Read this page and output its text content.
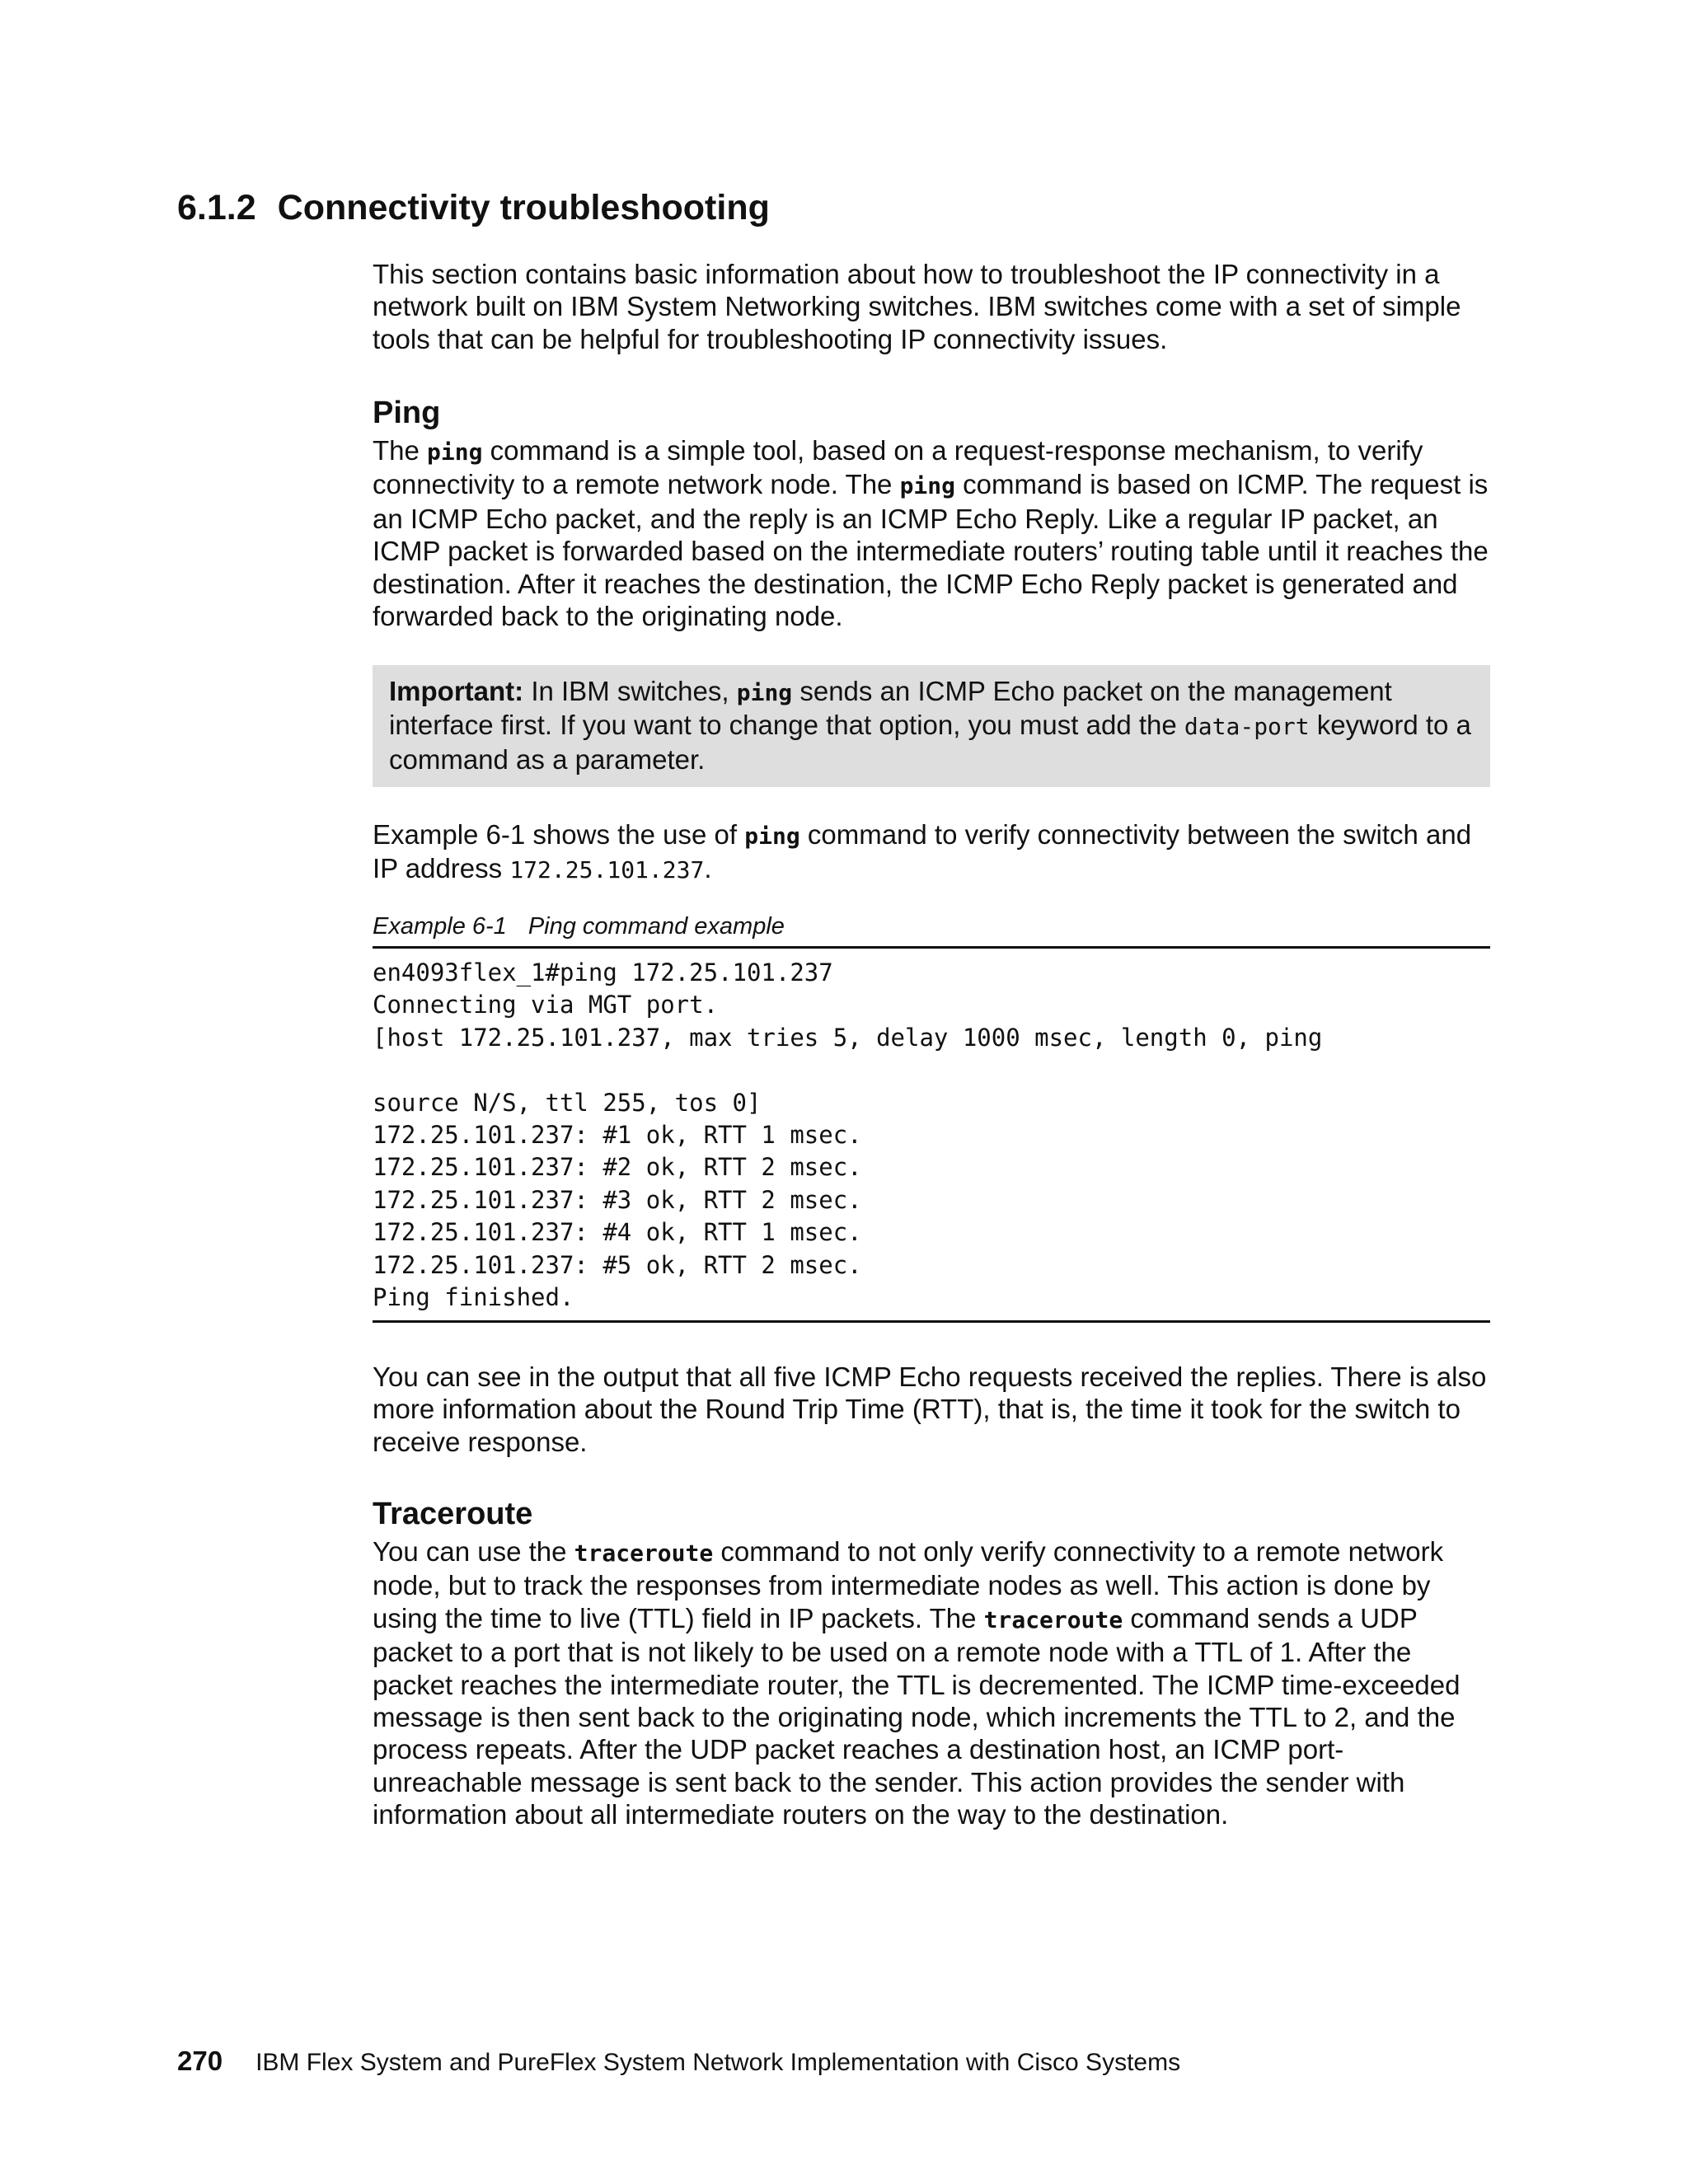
6.1.2 Connectivity troubleshooting

This section contains basic information about how to troubleshoot the IP connectivity in a network built on IBM System Networking switches. IBM switches come with a set of simple tools that can be helpful for troubleshooting IP connectivity issues.

Ping

The ping command is a simple tool, based on a request-response mechanism, to verify connectivity to a remote network node. The ping command is based on ICMP. The request is an ICMP Echo packet, and the reply is an ICMP Echo Reply. Like a regular IP packet, an ICMP packet is forwarded based on the intermediate routers’ routing table until it reaches the destination. After it reaches the destination, the ICMP Echo Reply packet is generated and forwarded back to the originating node.

Important: In IBM switches, ping sends an ICMP Echo packet on the management interface first. If you want to change that option, you must add the data-port keyword to a command as a parameter.

Example 6-1 shows the use of ping command to verify connectivity between the switch and IP address 172.25.101.237.

Example 6-1 Ping command example

en4093flex_1#ping 172.25.101.237
Connecting via MGT port.
[host 172.25.101.237, max tries 5, delay 1000 msec, length 0, ping
source N/S, ttl 255, tos 0]
172.25.101.237: #1 ok, RTT 1 msec.
172.25.101.237: #2 ok, RTT 2 msec.
172.25.101.237: #3 ok, RTT 2 msec.
172.25.101.237: #4 ok, RTT 1 msec.
172.25.101.237: #5 ok, RTT 2 msec.
Ping finished.

You can see in the output that all five ICMP Echo requests received the replies. There is also more information about the Round Trip Time (RTT), that is, the time it took for the switch to receive response.

Traceroute

You can use the traceroute command to not only verify connectivity to a remote network node, but to track the responses from intermediate nodes as well. This action is done by using the time to live (TTL) field in IP packets. The traceroute command sends a UDP packet to a port that is not likely to be used on a remote node with a TTL of 1. After the packet reaches the intermediate router, the TTL is decremented. The ICMP time-exceeded message is then sent back to the originating node, which increments the TTL to 2, and the process repeats. After the UDP packet reaches a destination host, an ICMP port-unreachable message is sent back to the sender. This action provides the sender with information about all intermediate routers on the way to the destination.

270 IBM Flex System and PureFlex System Network Implementation with Cisco Systems
